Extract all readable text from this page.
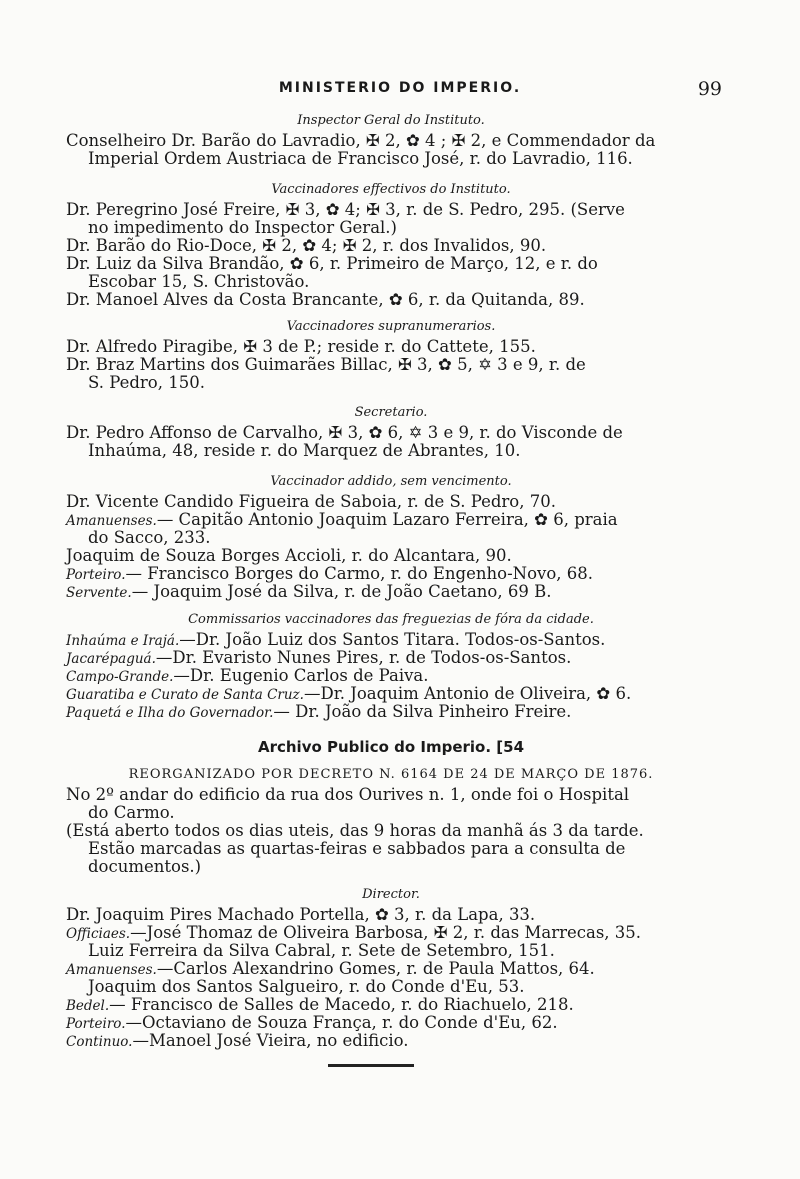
MINISTERIO DO IMPERIO.	99
Inspector Geral do Instituto.
Conselheiro Dr. Barão do Lavradio, ✠ 2, ✿ 4 ; ✠ 2, e Commendador da
Imperial Ordem Austriaca de Francisco José, r. do Lavradio, 116.
Vaccinadores effectivos do Instituto.
Dr. Peregrino José Freire, ✠ 3, ✿ 4; ✠ 3, r. de S. Pedro, 295. (Serve
no impedimento do Inspector Geral.)
Dr. Barão do Rio-Doce, ✠ 2, ✿ 4; ✠ 2, r. dos Invalidos, 90.
Dr. Luiz da Silva Brandão, ✿ 6, r. Primeiro de Março, 12, e r. do
Escobar 15, S. Christovão.
Dr. Manoel Alves da Costa Brancante, ✿ 6, r. da Quitanda, 89.
Vaccinadores supranumerarios.
Dr. Alfredo Piragibe, ✠ 3 de P.; reside r. do Cattete, 155.
Dr. Braz Martins dos Guimarães Billac, ✠ 3, ✿ 5, ✡ 3 e 9, r. de
S. Pedro, 150.
Secretario.
Dr. Pedro Affonso de Carvalho, ✠ 3, ✿ 6, ✡ 3 e 9, r. do Visconde de
Inhaúma, 48, reside r. do Marquez de Abrantes, 10.
Vaccinador addido, sem vencimento.
Dr. Vicente Candido Figueira de Saboia, r. de S. Pedro, 70.
Amanuenses.— Capitão Antonio Joaquim Lazaro Ferreira, ✿ 6, praia
do Sacco, 233.
Joaquim de Souza Borges Accioli, r. do Alcantara, 90.
Porteiro.— Francisco Borges do Carmo, r. do Engenho-Novo, 68.
Servente.— Joaquim José da Silva, r. de João Caetano, 69 B.
Commissarios vaccinadores das freguezias de fóra da cidade.
Inhaúma e Irajá.—Dr. João Luiz dos Santos Titara. Todos-os-Santos.
Jacarépaguá.—Dr. Evaristo Nunes Pires, r. de Todos-os-Santos.
Campo-Grande.—Dr. Eugenio Carlos de Paiva.
Guaratiba e Curato de Santa Cruz.—Dr. Joaquim Antonio de Oliveira, ✿ 6.
Paquetá e Ilha do Governador.— Dr. João da Silva Pinheiro Freire.
Archivo Publico do Imperio. [54
REORGANIZADO POR DECRETO N. 6164 DE 24 DE MARÇO DE 1876.
No 2º andar do edificio da rua dos Ourives n. 1, onde foi o Hospital
do Carmo.
(Está aberto todos os dias uteis, das 9 horas da manhã ás 3 da tarde.
Estão marcadas as quartas-feiras e sabbados para a consulta de
documentos.)
Director.
Dr. Joaquim Pires Machado Portella, ✿ 3, r. da Lapa, 33.
Officiaes.—José Thomaz de Oliveira Barbosa, ✠ 2, r. das Marrecas, 35.
Luiz Ferreira da Silva Cabral, r. Sete de Setembro, 151.
Amanuenses.—Carlos Alexandrino Gomes, r. de Paula Mattos, 64.
Joaquim dos Santos Salgueiro, r. do Conde d'Eu, 53.
Bedel.— Francisco de Salles de Macedo, r. do Riachuelo, 218.
Porteiro.—Octaviano de Souza França, r. do Conde d'Eu, 62.
Continuo.—Manoel José Vieira, no edificio.
